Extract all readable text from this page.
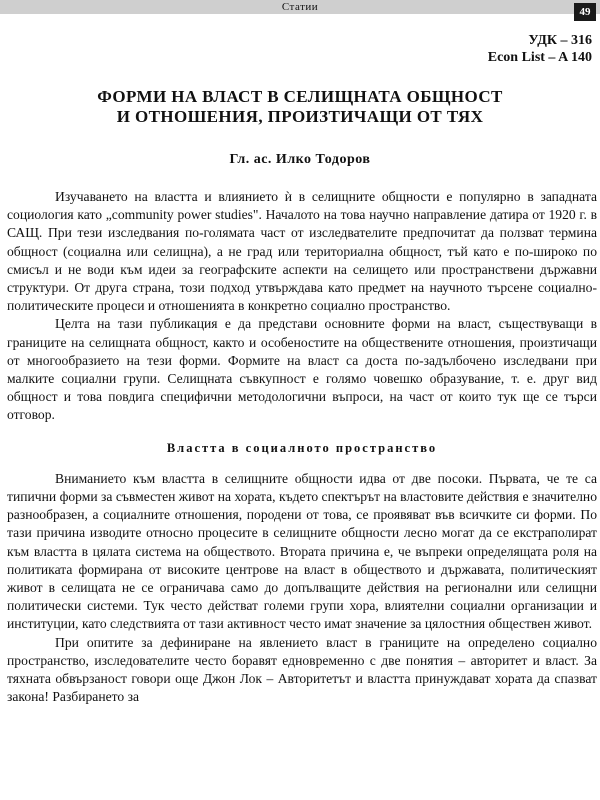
Статии	49
УДК – 316
Econ List – A 140
ФОРМИ НА ВЛАСТ В СЕЛИЩНАТА ОБЩНОСТ
И ОТНОШЕНИЯ, ПРОИЗТИЧАЩИ ОТ ТЯХ
Гл. ас. Илко Тодоров

Изучаването на властта и влиянието ѝ в селищните общности е популярно в западната социология като „community power studies". Началото на това научно направление датира от 1920 г. в САЩ. При тези изследвания по-голямата част от изследвателите предпочитат да ползват термина общност (социална или селищна), а не град или териториална общност, тъй като е по-широко по смисъл и не води към идеи за географските аспекти на селището или пространствени държавни структури. От друга страна, този подход утвърждава като предмет на научното търсене социално-политическите процеси и отношенията в конкретно социално пространство.

Целта на тази публикация е да представи основните форми на власт, съществуващи в границите на селищната общност, както и особеностите на обществените отношения, произтичащи от многообразието на тези форми. Формите на власт са доста по-задълбочено изследвани при малките социални групи. Селищната съвкупност е голямо човешко образувание, т. е. друг вид общност и това повдига специфични методологични въпроси, на част от които тук ще се търси отговор.

Властта в социалното пространство

Вниманието към властта в селищните общности идва от две посоки. Първата, че те са типични форми за съвместен живот на хората, където спектърът на властовите действия е значително разнообразен, а социалните отношения, породени от това, се проявяват във всичките си форми. По тази причина изводите относно процесите в селищните общности лесно могат да се екстраполират към властта в цялата система на обществото. Втората причина е, че въпреки определящата роля на политиката формирана от високите центрове на власт в обществото и държавата, политическият живот в селищата не се ограничава само до допълващите действия на регионални или селищни политически системи. Тук често действат големи групи хора, влиятелни социални организации и институции, като следствията от тази активност често имат значение за цялостния обществен живот.

При опитите за дефиниране на явлението власт в границите на определено социално пространство, изследователите често боравят едновременно с две понятия – авторитет и власт. За тяхната обвързаност говори още Джон Лок – Авторитетът и властта принуждават хората да спазват закона! Разбирането за
